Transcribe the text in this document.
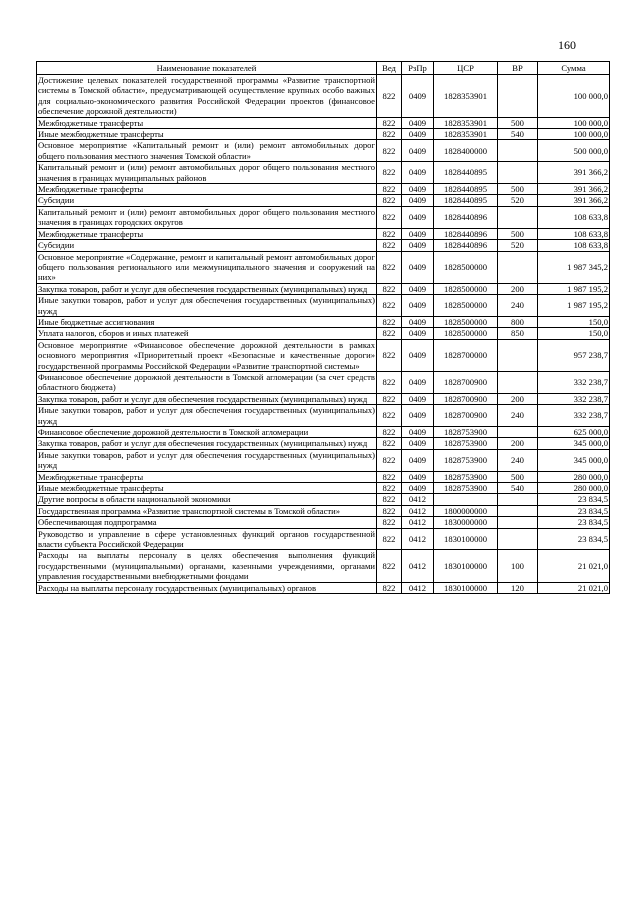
160
Наименование показателей	Вед	РзПр	ЦСР	ВР	Сумма
Достижение целевых показателей государственной программы «Развитие транспортной системы в Томской области», предусматривающей осуществление крупных особо важных для социально-экономического развития Российской Федерации проектов (финансовое обеспечение дорожной деятельности)	822	0409	1828353901		100 000,0
Межбюджетные трансферты	822	0409	1828353901	500	100 000,0
Иные межбюджетные трансферты	822	0409	1828353901	540	100 000,0
Основное мероприятие «Капитальный ремонт и (или) ремонт автомобильных дорог общего пользования местного значения Томской области»	822	0409	1828400000		500 000,0
Капитальный ремонт и (или) ремонт автомобильных дорог общего пользования местного значения в границах муниципальных районов	822	0409	1828440895		391 366,2
Межбюджетные трансферты	822	0409	1828440895	500	391 366,2
Субсидии	822	0409	1828440895	520	391 366,2
Капитальный ремонт и (или) ремонт автомобильных дорог общего пользования местного значения в границах городских округов	822	0409	1828440896		108 633,8
Межбюджетные трансферты	822	0409	1828440896	500	108 633,8
Субсидии	822	0409	1828440896	520	108 633,8
Основное мероприятие «Содержание, ремонт и капитальный ремонт автомобильных дорог общего пользования регионального или межмуниципального значения и сооружений на них»	822	0409	1828500000		1 987 345,2
Закупка товаров, работ и услуг для обеспечения государственных (муниципальных) нужд	822	0409	1828500000	200	1 987 195,2
Иные закупки товаров, работ и услуг для обеспечения государственных (муниципальных) нужд	822	0409	1828500000	240	1 987 195,2
Иные бюджетные ассигнования	822	0409	1828500000	800	150,0
Уплата налогов, сборов и иных платежей	822	0409	1828500000	850	150,0
Основное мероприятие «Финансовое обеспечение дорожной деятельности в рамках основного мероприятия «Приоритетный проект «Безопасные и качественные дороги» государственной программы Российской Федерации «Развитие транспортной системы»	822	0409	1828700000		957 238,7
Финансовое обеспечение дорожной деятельности в Томской агломерации (за счет средств областного бюджета)	822	0409	1828700900		332 238,7
Закупка товаров, работ и услуг для обеспечения государственных (муниципальных) нужд	822	0409	1828700900	200	332 238,7
Иные закупки товаров, работ и услуг для обеспечения государственных (муниципальных) нужд	822	0409	1828700900	240	332 238,7
Финансовое обеспечение дорожной деятельности в Томской агломерации	822	0409	1828753900		625 000,0
Закупка товаров, работ и услуг для обеспечения государственных (муниципальных) нужд	822	0409	1828753900	200	345 000,0
Иные закупки товаров, работ и услуг для обеспечения государственных (муниципальных) нужд	822	0409	1828753900	240	345 000,0
Межбюджетные трансферты	822	0409	1828753900	500	280 000,0
Иные межбюджетные трансферты	822	0409	1828753900	540	280 000,0
Другие вопросы в области национальной экономики	822	0412			23 834,5
Государственная программа «Развитие транспортной системы в Томской области»	822	0412	1800000000		23 834,5
Обеспечивающая подпрограмма	822	0412	1830000000		23 834,5
Руководство и управление в сфере установленных функций органов государственной власти субъекта Российской Федерации	822	0412	1830100000		23 834,5
Расходы на выплаты персоналу в целях обеспечения выполнения функций государственными (муниципальными) органами, казенными учреждениями, органами управления государственными внебюджетными фондами	822	0412	1830100000	100	21 021,0
Расходы на выплаты персоналу государственных (муниципальных) органов	822	0412	1830100000	120	21 021,0
